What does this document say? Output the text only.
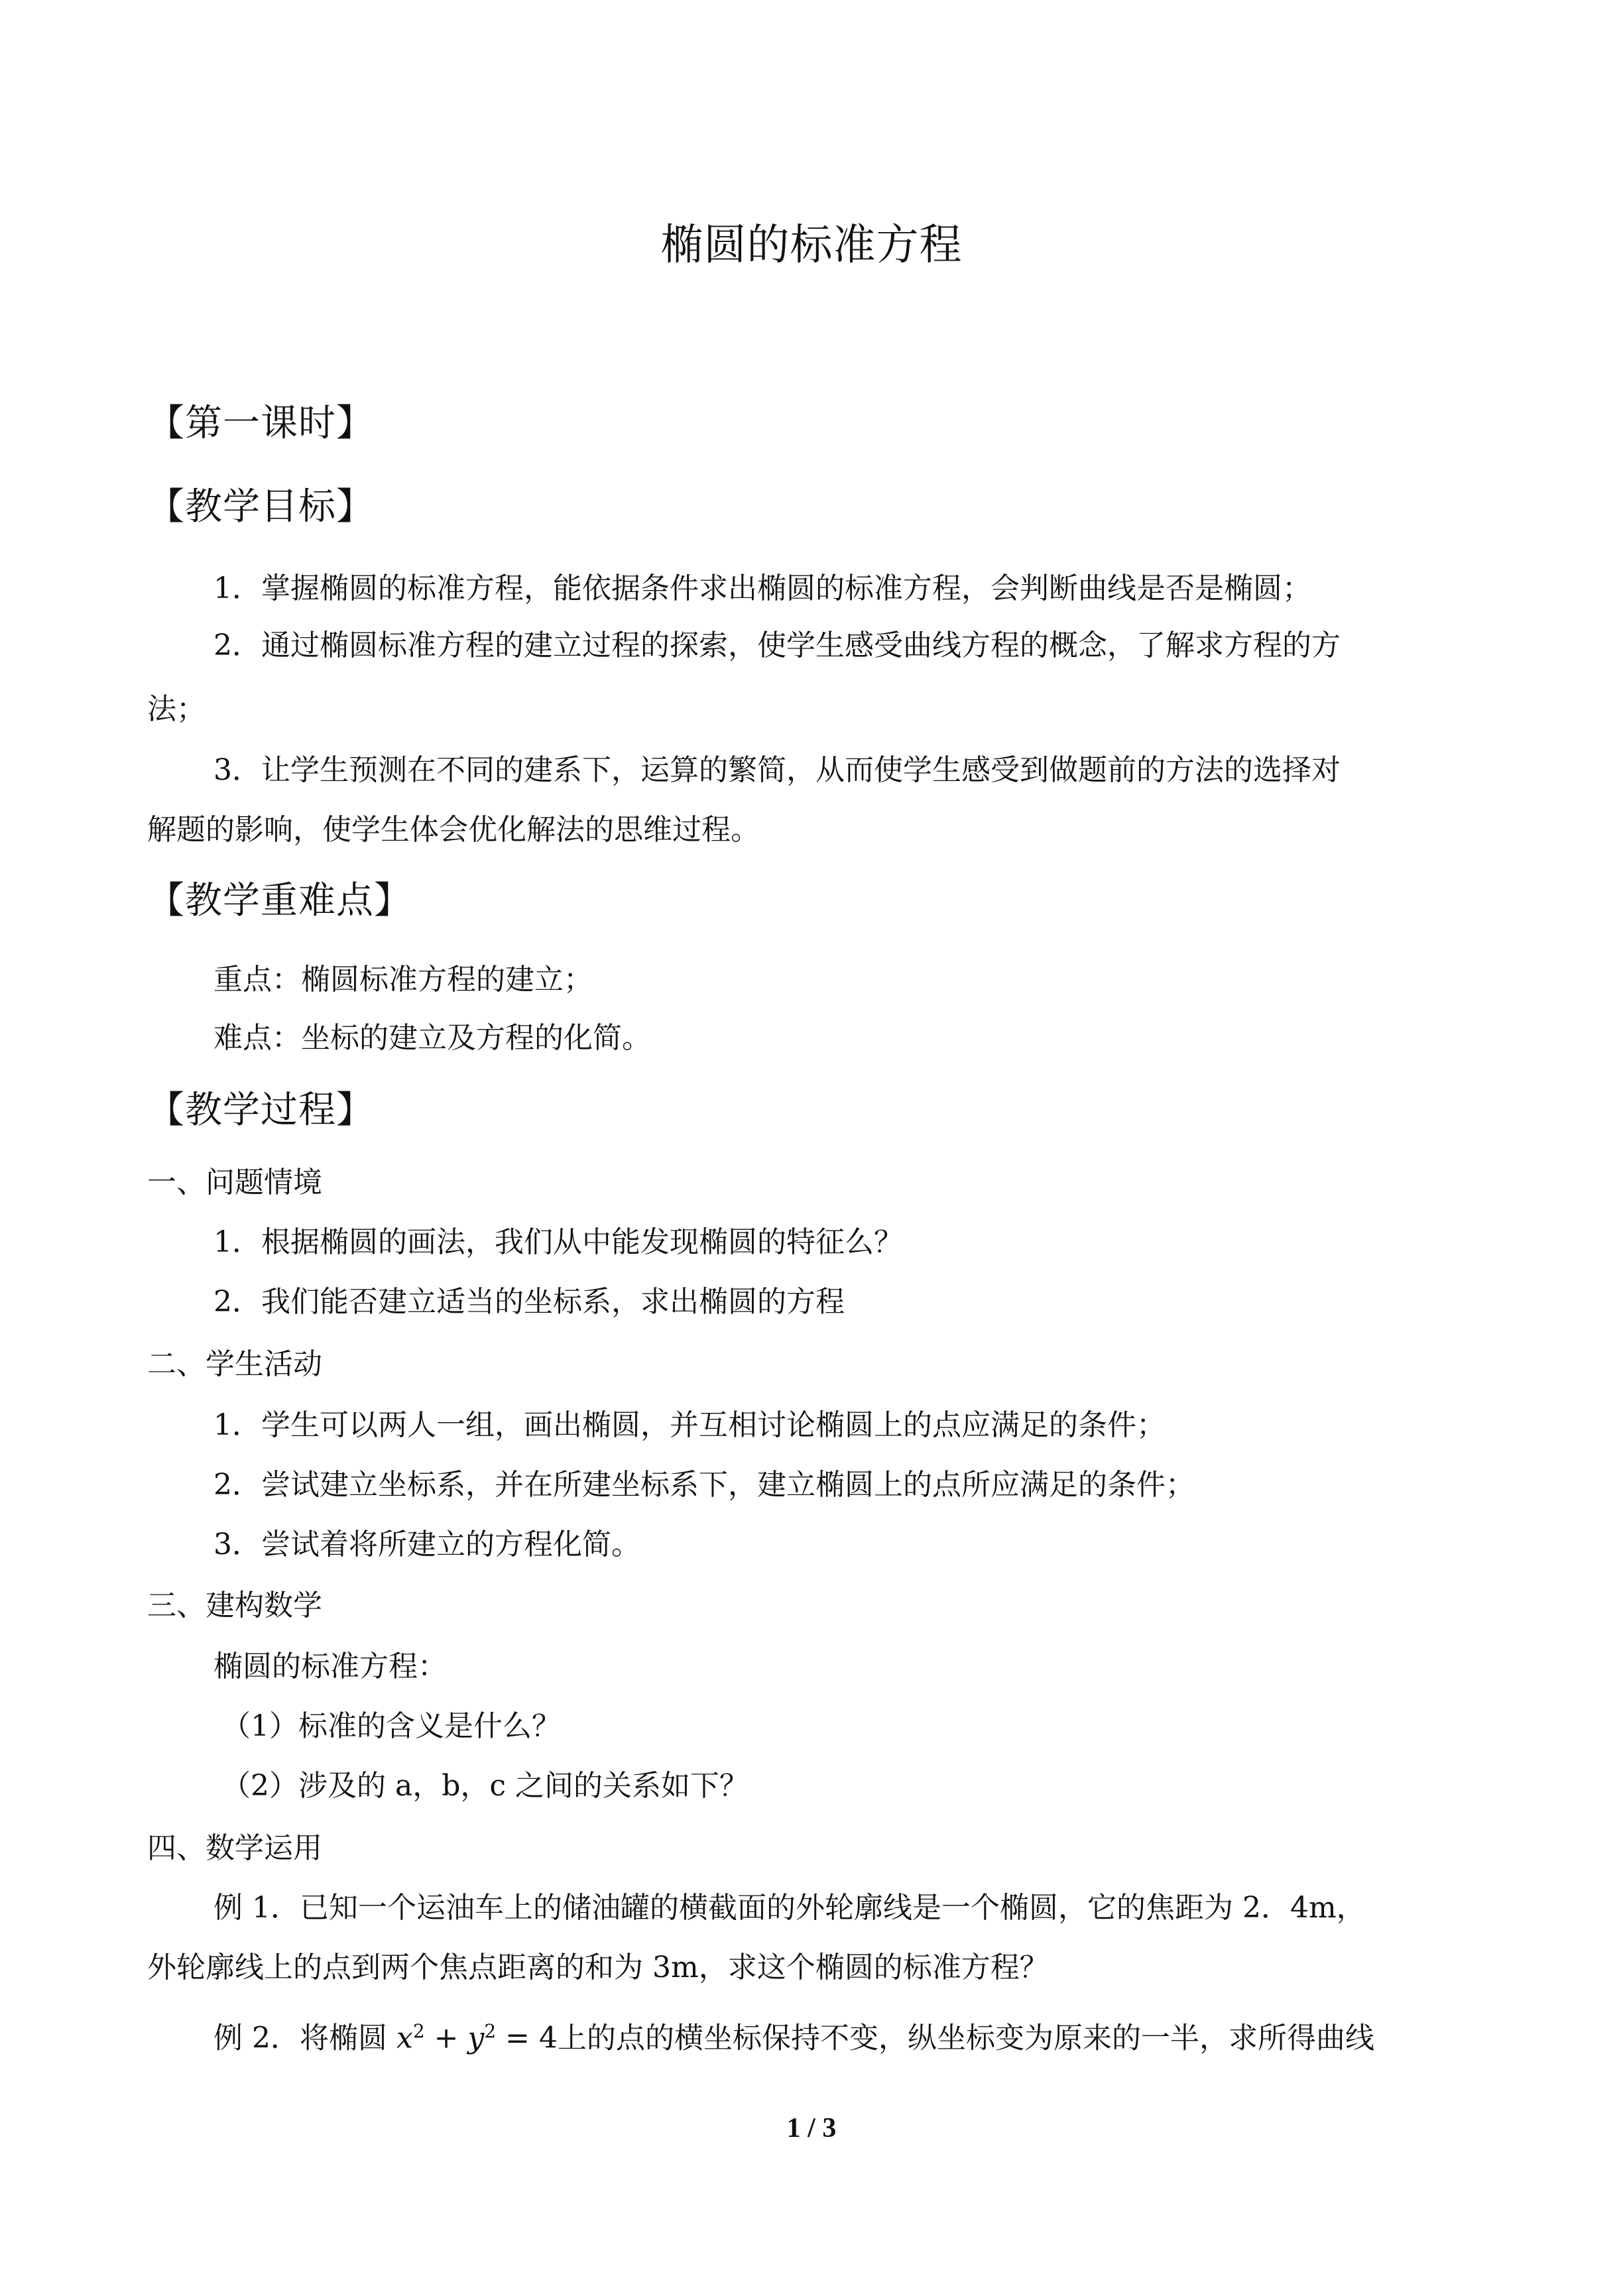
椭圆的标准方程
【第一课时】
【教学目标】
1．掌握椭圆的标准方程，能依据条件求出椭圆的标准方程，会判断曲线是否是椭圆；
2．通过椭圆标准方程的建立过程的探索，使学生感受曲线方程的概念，了解求方程的方
法；
3．让学生预测在不同的建系下，运算的繁简，从而使学生感受到做题前的方法的选择对
解题的影响，使学生体会优化解法的思维过程。
【教学重难点】
重点：椭圆标准方程的建立；
难点：坐标的建立及方程的化简。
【教学过程】
一、问题情境
1．根据椭圆的画法，我们从中能发现椭圆的特征么？
2．我们能否建立适当的坐标系，求出椭圆的方程
二、学生活动
1．学生可以两人一组，画出椭圆，并互相讨论椭圆上的点应满足的条件；
2．尝试建立坐标系，并在所建坐标系下，建立椭圆上的点所应满足的条件；
3．尝试着将所建立的方程化简。
三、建构数学
椭圆的标准方程：
（1）标准的含义是什么？
（2）涉及的 a，b，c 之间的关系如下？
四、数学运用
例 1．已知一个运油车上的储油罐的横截面的外轮廓线是一个椭圆，它的焦距为 2．4m，
外轮廓线上的点到两个焦点距离的和为 3m，求这个椭圆的标准方程？
例 2．将椭圆 $x^2 + y^2 = 4$上的点的横坐标保持不变，纵坐标变为原来的一半，求所得曲线
1 / 3
